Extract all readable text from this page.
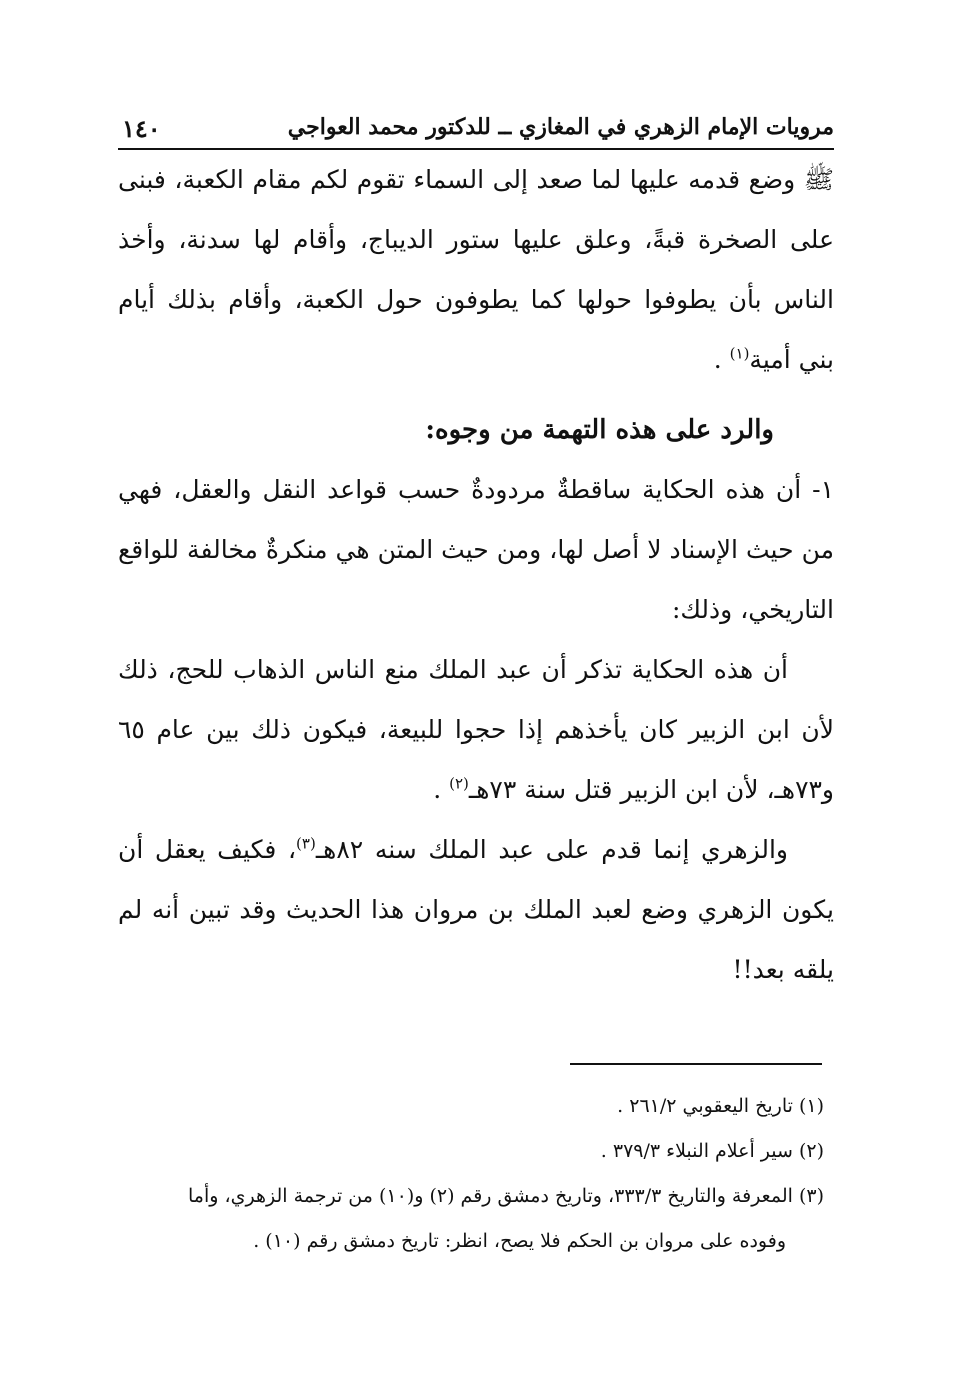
مرويات الإمام الزهري في المغازي ــ للدكتور محمد العواجي
١٤٠

ﷺ وضع قدمه عليها لما صعد إلى السماء تقوم لكم مقام الكعبة، فبنى على الصخرة قبةً، وعلق عليها ستور الديباج، وأقام لها سدنة، وأخذ الناس بأن يطوفوا حولها كما يطوفون حول الكعبة، وأقام بذلك أيام بني أمية$^{(١)}$ .

والرد على هذه التهمة من وجوه:

١- أن هذه الحكاية ساقطةٌ مردودةٌ حسب قواعد النقل والعقل، فهي من حيث الإسناد لا أصل لها، ومن حيث المتن هي منكرةٌ مخالفة للواقع التاريخي، وذلك:

أن هذه الحكاية تذكر أن عبد الملك منع الناس الذهاب للحج، ذلك لأن ابن الزبير كان يأخذهم إذا حجوا للبيعة، فيكون ذلك بين عام ٦٥ و٧٣هـ، لأن ابن الزبير قتل سنة ٧٣هـ$^{(٢)}$ .

والزهري إنما قدم على عبد الملك سنه ٨٢هـ$^{(٣)}$، فكيف يعقل أن يكون الزهري وضع لعبد الملك بن مروان هذا الحديث وقد تبين أنه لم يلقه بعد!!

(١) تاريخ اليعقوبي ٢٦١/٢ .

(٢) سير أعلام النبلاء ٣٧٩/٣ .

(٣) المعرفة والتاريخ ٣٣٣/٣، وتاريخ دمشق رقم (٢) و(١٠) من ترجمة الزهري، وأما

وفوده على مروان بن الحكم فلا يصح، انظر: تاريخ دمشق رقم (١٠) .
